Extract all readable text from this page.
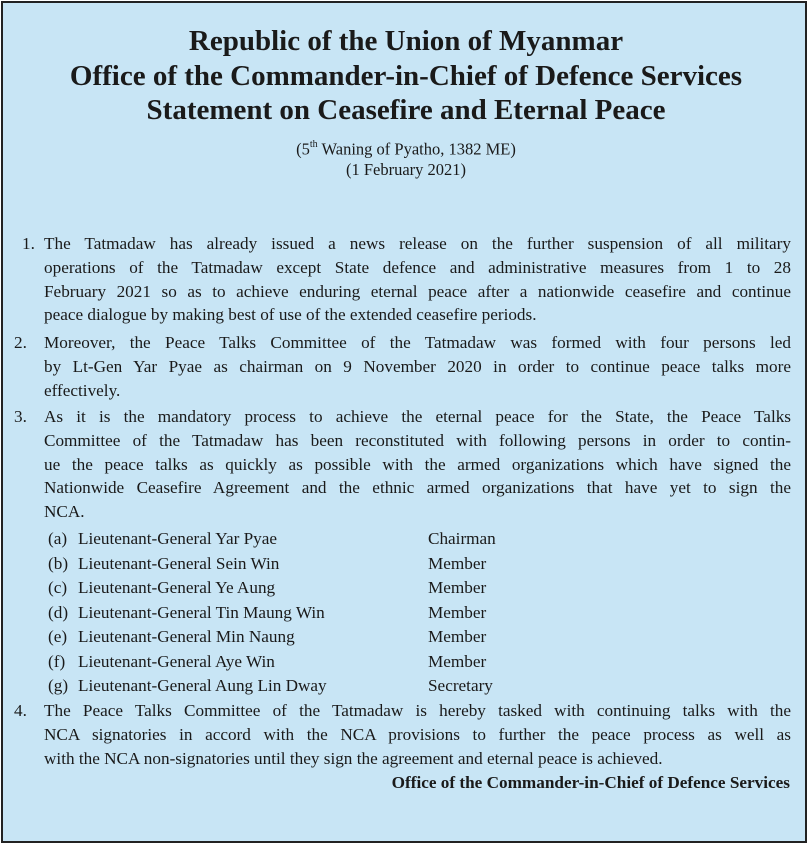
Republic of the Union of Myanmar
Office of the Commander-in-Chief of Defence Services
Statement on Ceasefire and Eternal Peace
(5th Waning of Pyatho, 1382 ME)
(1 February 2021)
1. The Tatmadaw has already issued a news release on the further suspension of all military
operations of the Tatmadaw except State defence and administrative measures from 1 to 28
February 2021 so as to achieve enduring eternal peace after a nationwide ceasefire and continue
peace dialogue by making best of use of the extended ceasefire periods.
2. Moreover, the Peace Talks Committee of the Tatmadaw was formed with four persons led
by Lt-Gen Yar Pyae as chairman on 9 November 2020 in order to continue peace talks more
effectively.
3. As it is the mandatory process to achieve the eternal peace for the State, the Peace Talks
Committee of the Tatmadaw has been reconstituted with following persons in order to contin-
ue the peace talks as quickly as possible with the armed organizations which have signed the
Nationwide Ceasefire Agreement and the ethnic armed organizations that have yet to sign the
NCA.
(a) Lieutenant-General Yar Pyae	Chairman
(b) Lieutenant-General Sein Win	Member
(c) Lieutenant-General Ye Aung	Member
(d) Lieutenant-General Tin Maung Win	Member
(e) Lieutenant-General Min Naung	Member
(f) Lieutenant-General Aye Win	Member
(g) Lieutenant-General Aung Lin Dway	Secretary
4. The Peace Talks Committee of the Tatmadaw is hereby tasked with continuing talks with the
NCA signatories in accord with the NCA provisions to further the peace process as well as
with the NCA non-signatories until they sign the agreement and eternal peace is achieved.
Office of the Commander-in-Chief of Defence Services
